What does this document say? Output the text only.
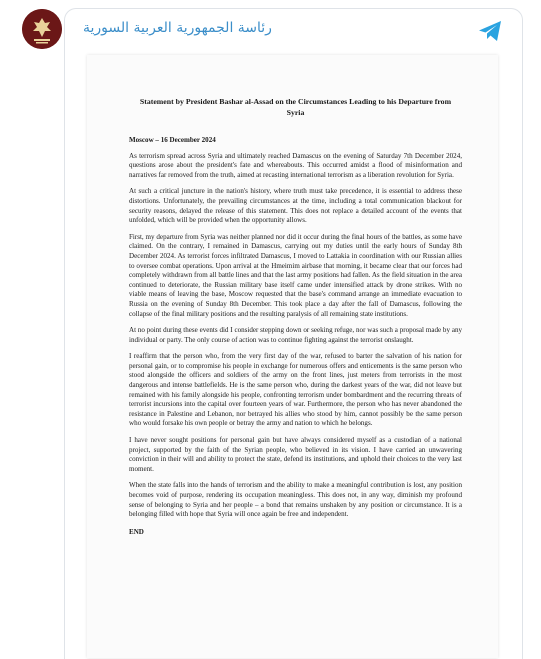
رئاسة الجمهورية العربية السورية
Statement by President Bashar al-Assad on the Circumstances Leading to his Departure from Syria
Moscow – 16 December 2024
As terrorism spread across Syria and ultimately reached Damascus on the evening of Saturday 7th December 2024, questions arose about the president's fate and whereabouts. This occurred amidst a flood of misinformation and narratives far removed from the truth, aimed at recasting international terrorism as a liberation revolution for Syria.
At such a critical juncture in the nation's history, where truth must take precedence, it is essential to address these distortions. Unfortunately, the prevailing circumstances at the time, including a total communication blackout for security reasons, delayed the release of this statement. This does not replace a detailed account of the events that unfolded, which will be provided when the opportunity allows.
First, my departure from Syria was neither planned nor did it occur during the final hours of the battles, as some have claimed. On the contrary, I remained in Damascus, carrying out my duties until the early hours of Sunday 8th December 2024. As terrorist forces infiltrated Damascus, I moved to Lattakia in coordination with our Russian allies to oversee combat operations. Upon arrival at the Hmeimim airbase that morning, it became clear that our forces had completely withdrawn from all battle lines and that the last army positions had fallen. As the field situation in the area continued to deteriorate, the Russian military base itself came under intensified attack by drone strikes. With no viable means of leaving the base, Moscow requested that the base's command arrange an immediate evacuation to Russia on the evening of Sunday 8th December. This took place a day after the fall of Damascus, following the collapse of the final military positions and the resulting paralysis of all remaining state institutions.
At no point during these events did I consider stepping down or seeking refuge, nor was such a proposal made by any individual or party. The only course of action was to continue fighting against the terrorist onslaught.
I reaffirm that the person who, from the very first day of the war, refused to barter the salvation of his nation for personal gain, or to compromise his people in exchange for numerous offers and enticements is the same person who stood alongside the officers and soldiers of the army on the front lines, just meters from terrorists in the most dangerous and intense battlefields. He is the same person who, during the darkest years of the war, did not leave but remained with his family alongside his people, confronting terrorism under bombardment and the recurring threats of terrorist incursions into the capital over fourteen years of war. Furthermore, the person who has never abandoned the resistance in Palestine and Lebanon, nor betrayed his allies who stood by him, cannot possibly be the same person who would forsake his own people or betray the army and nation to which he belongs.
I have never sought positions for personal gain but have always considered myself as a custodian of a national project, supported by the faith of the Syrian people, who believed in its vision. I have carried an unwavering conviction in their will and ability to protect the state, defend its institutions, and uphold their choices to the very last moment.
When the state falls into the hands of terrorism and the ability to make a meaningful contribution is lost, any position becomes void of purpose, rendering its occupation meaningless. This does not, in any way, diminish my profound sense of belonging to Syria and her people – a bond that remains unshaken by any position or circumstance. It is a belonging filled with hope that Syria will once again be free and independent.
END
